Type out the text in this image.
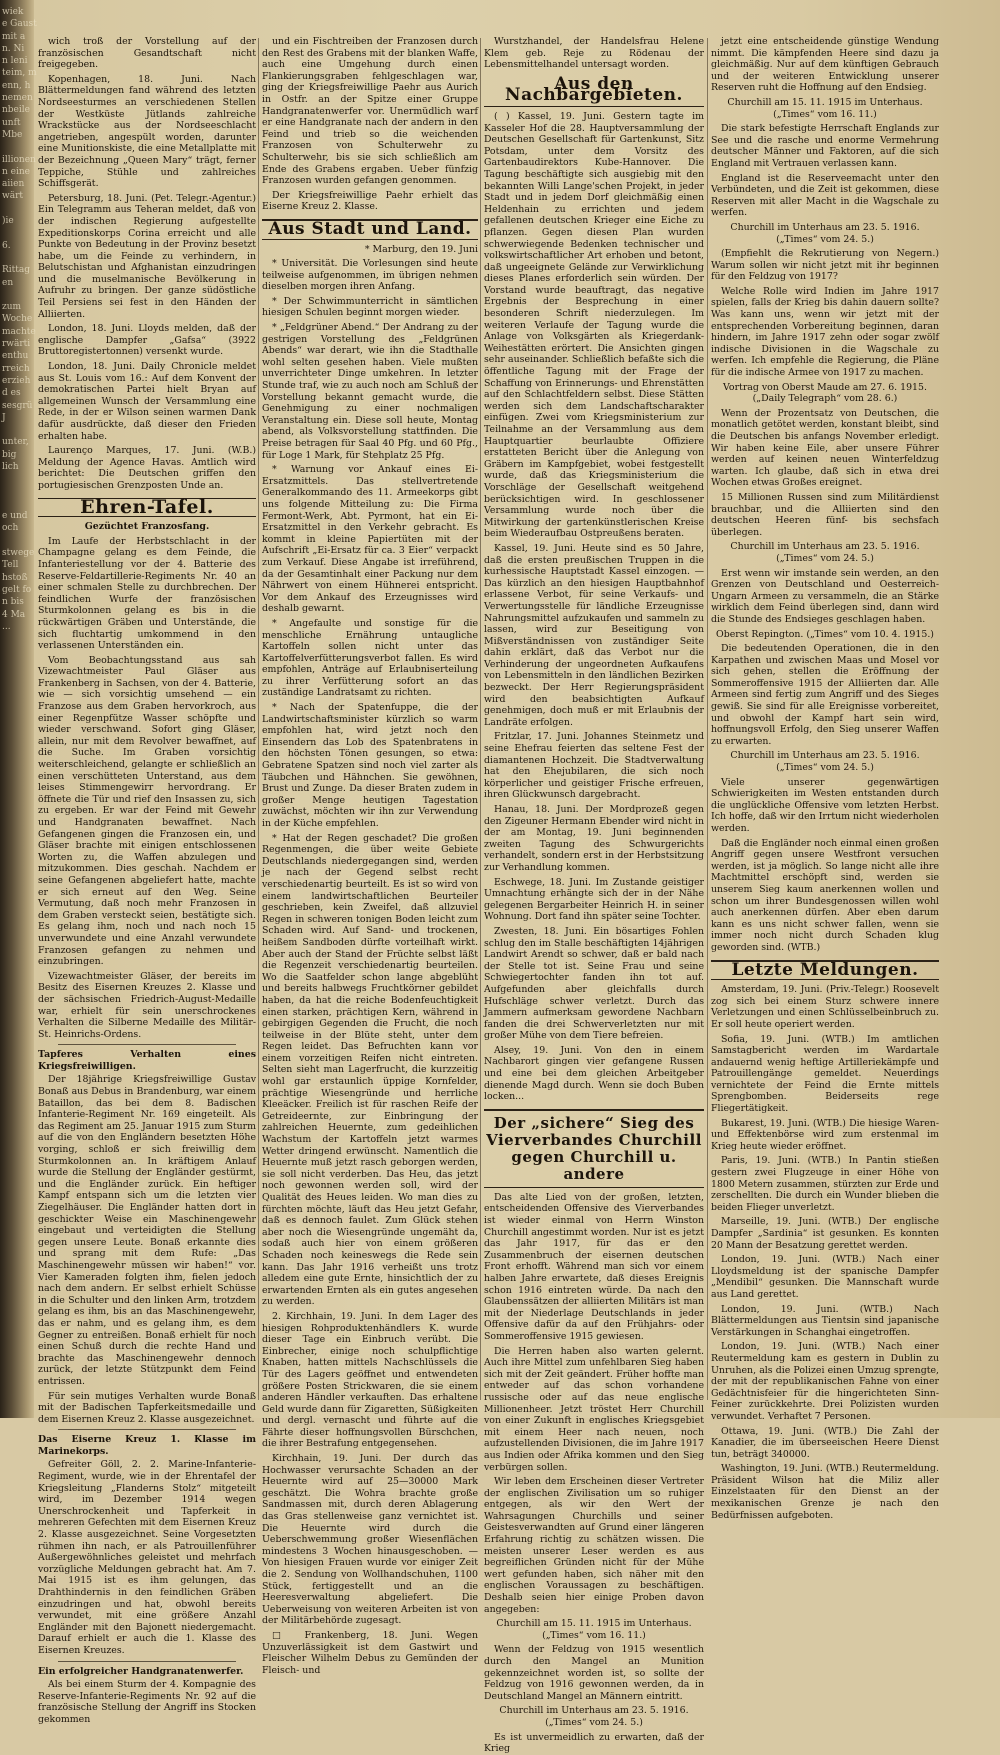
wiek
e Gaust
mit a
n. Ni
n leni
teim, m
enn, h
nemen
nbeile
unft
Mbe

illionen
n eine
aiien
wärt

)ie

6.

Rittag
en

zum
Woche
machte
rwärti
enthu
rreich
erzieh
d es
sesgrü
J

unter,
big
lich

e und
och

stwege
Tell
hstoß
gelt fo
n bis
4 Ma
...

wich troß der Vorstellung auf der französischen Gesandtschaft nicht freigegeben.

Kopenhagen, 18. Juni. Nach Blättermeldungen fand während des letzten Nordseesturmes an verschiedenen Stellen der Westküste Jütlands zahlreiche Wrackstücke aus der Nordseeschlacht angetrieben, angespült worden, darunter eine Munitionskiste, die eine Metallplatte mit der Bezeichnung „Queen Mary“ trägt, ferner Teppiche, Stühle und zahlreiches Schiffsgerät.

Petersburg, 18. Juni. (Pet. Telegr.-Agentur.) Ein Telegramm aus Teheran meldet, daß von der indischen Regierung aufgestellte Expeditionskorps Corina erreicht und alle Punkte von Bedeutung in der Provinz besetzt habe, um die Feinde zu verhindern, in Belutschistan und Afghanistan einzudringen und die muselmanische Bevölkerung in Aufruhr zu bringen. Der ganze südöstliche Teil Persiens sei fest in den Händen der Alliierten.

London, 18. Juni. Lloyds melden, daß der englische Dampfer „Gafsa“ (3922 Bruttoregistertonnen) versenkt wurde.

London, 18. Juni. Daily Chronicle meldet aus St. Louis vom 16.: Auf dem Konvent der demokratischen Partei hielt Bryan auf allgemeinen Wunsch der Versammlung eine Rede, in der er Wilson seinen warmen Dank dafür ausdrückte, daß dieser den Frieden erhalten habe.

Laurenço Marques, 17. Juni. (W.B.) Meldung der Agence Havas. Amtlich wird berichtet: Die Deutschen griffen den portugiesischen Grenzposten Unde an.

Ehren-Tafel.
Gezüchtet Franzosfang.

Im Laufe der Herbstschlacht in der Champagne gelang es dem Feinde, die Infanteriestellung vor der 4. Batterie des Reserve-Feldartillerie-Regiments Nr. 40 an einer schmalen Stelle zu durchbrechen. Der feindlichen Wurfe der französischen Sturmkolonnen gelang es bis in die rückwärtigen Gräben und Unterstände, die sich fluchtartig umkommend in den verlassenen Unterständen ein.

Vom Beobachtungsstand aus sah Vizewachtmeister Paul Gläser aus Frankenberg in Sachsen, von der 4. Batterie, wie — sich vorsichtig umsehend — ein Franzose aus dem Graben hervorkroch, aus einer Regenpfütze Wasser schöpfte und wieder verschwand. Sofort ging Gläser, allein, nur mit dem Revolver bewaffnet, auf die Suche. Im Graben vorsichtig weiterschleichend, gelangte er schließlich an einen verschütteten Unterstand, aus dem leises Stimmengewirr hervordrang. Er öffnete die Tür und rief den Insassen zu, sich zu ergeben. Er war der Feind mit Gewehr und Handgranaten bewaffnet. Nach Gefangenen gingen die Franzosen ein, und Gläser brachte mit einigen entschlossenen Worten zu, die Waffen abzulegen und mitzukommen. Dies geschah. Nachdem er seine Gefangenen abgeliefert hatte, machte er sich erneut auf den Weg. Seine Vermutung, daß noch mehr Franzosen in dem Graben versteckt seien, bestätigte sich. Es gelang ihm, noch und nach noch 15 unverwundete und eine Anzahl verwundete Franzosen gefangen zu nehmen und einzubringen.

Vizewachtmeister Gläser, der bereits im Besitz des Eisernen Kreuzes 2. Klasse und der sächsischen Friedrich-August-Medaille war, erhielt für sein unerschrockenes Verhalten die Silberne Medaille des Militär-St. Heinrichs-Ordens.

Tapferes Verhalten eines Kriegsfreiwilligen.

Der 18jährige Kriegsfreiwillige Gustav Bonaß aus Debus in Brandenburg, war einem Bataillon, das bei dem 8. Badischen Infanterie-Regiment Nr. 169 eingeteilt. Als das Regiment am 25. Januar 1915 zum Sturm auf die von den Engländern besetzten Höhe vorging, schloß er sich freiwillig dem Sturmkolonnen an. In kräftigem Anlauf wurde die Stellung der Engländer gestürmt, und die Engländer zurück. Ein heftiger Kampf entspann sich um die letzten vier Ziegelhäuser. Die Engländer hatten dort in geschickter Weise ein Maschinengewehr eingebaut und verteidigten die Stellung gegen unsere Leute. Bonaß erkannte dies und sprang mit dem Rufe: „Das Maschinengewehr müssen wir haben!“ vor. Vier Kameraden folgten ihm, fielen jedoch nach dem andern. Er selbst erhielt Schüsse in die Schulter und den linken Arm, trotzdem gelang es ihm, bis an das Maschinengewehr, das er nahm, und es gelang ihm, es dem Gegner zu entreißen. Bonaß erhielt für noch einen Schuß durch die rechte Hand und brachte das Maschinengewehr dennoch zurück, der letzte Stützpunkt dem Feind entrissen.

Für sein mutiges Verhalten wurde Bonaß mit der Badischen Tapferkeitsmedaille und dem Eisernen Kreuz 2. Klasse ausgezeichnet.

Das Eiserne Kreuz 1. Klasse im Marinekorps.

Gefreiter Göll, 2. 2. Marine-Infanterie-Regiment, wurde, wie in der Ehrentafel der Kriegsleitung „Flanderns Stolz“ mitgeteilt wird, im Dezember 1914 wegen Unerschrockenheit und Tapferkeit in mehreren Gefechten mit dem Eisernen Kreuz 2. Klasse ausgezeichnet. Seine Vorgesetzten rühmen ihn nach, er als Patrouillenführer Außergewöhnliches geleistet und mehrfach vorzügliche Meldungen gebracht hat. Am 7. Mai 1915 ist es ihm gelungen, das Drahthindernis in den feindlichen Gräben einzudringen und hat, obwohl bereits verwundet, mit eine größere Anzahl Engländer mit den Bajonett niedergemacht. Darauf erhielt er auch die 1. Klasse des Eisernen Kreuzes.

Ein erfolgreicher Handgranatenwerfer.

Als bei einem Sturm der 4. Kompagnie des Reserve-Infanterie-Regiments Nr. 92 auf die französische Stellung der Angriff ins Stocken gekommen

und ein Fischtreiben der Franzosen durch den Rest des Grabens mit der blanken Waffe, auch eine Umgehung durch einen Flankierungsgraben fehlgeschlagen war, ging der Kriegsfreiwillige Paehr aus Aurich in Ostfr. an der Spitze einer Gruppe Handgranatenwerfer vor. Unermüdlich warf er eine Handgranate nach der andern in den Feind und trieb so die weichenden Franzosen von Schulterwehr zu Schulterwehr, bis sie sich schließlich am Ende des Grabens ergaben. Ueber fünfzig Franzosen wurden gefangen genommen.

Der Kriegsfreiwillige Paehr erhielt das Eiserne Kreuz 2. Klasse.

Aus Stadt und Land.

* Marburg, den 19. Juni

* Universität. Die Vorlesungen sind heute teilweise aufgenommen, im übrigen nehmen dieselben morgen ihren Anfang.

* Der Schwimmunterricht in sämtlichen hiesigen Schulen beginnt morgen wieder.

* „Feldgrüner Abend.“ Der Andrang zu der gestrigen Vorstellung des „Feldgrünen Abends“ war derart, wie ihn die Stadthalle wohl selten gesehen haben. Viele mußten unverrichteter Dinge umkehren. In letzter Stunde traf, wie zu auch noch am Schluß der Vorstellung bekannt gemacht wurde, die Genehmigung zu einer nochmaligen Veranstaltung ein. Diese soll heute, Montag abend, als Volksvorstellung stattfinden. Die Preise betragen für Saal 40 Pfg. und 60 Pfg., für Loge 1 Mark, für Stehplatz 25 Pfg.

* Warnung vor Ankauf eines Ei-Ersatzmittels. Das stellvertretende Generalkommando des 11. Armeekorps gibt uns folgende Mitteilung zu: Die Firma Fermont-Werk, Abt. Pyrmont, hat ein Ei-Ersatzmittel in den Verkehr gebracht. Es kommt in kleine Papiertüten mit der Aufschrift „Ei-Ersatz für ca. 3 Eier“ verpackt zum Verkauf. Diese Angabe ist irreführend, da der Gesamtinhalt einer Packung nur dem Nährwert von einem Hühnerei entspricht. Vor dem Ankauf des Erzeugnisses wird deshalb gewarnt.

* Angefaulte und sonstige für die menschliche Ernährung untaugliche Kartoffeln sollen nicht unter das Kartoffelverfütterungsverbot fallen. Es wird empfohlen, Anträge auf Erlaubniserteilung zu ihrer Verfütterung sofort an das zuständige Landratsamt zu richten.

* Nach der Spatenfuppe, die der Landwirtschaftsminister kürzlich so warm empfohlen hat, wird jetzt noch den Einsendern das Lob des Spatenbratens in den höchsten Tönen gesungen, so etwa: Gebratene Spatzen sind noch viel zarter als Täubchen und Hähnchen. Sie gewöhnen, Brust und Zunge. Da dieser Braten zudem in großer Menge heutigen Tagestation zuwächst, möchten wir ihn zur Verwendung in der Küche empfehlen.

* Hat der Regen geschadet? Die großen Regenmengen, die über weite Gebiete Deutschlands niedergegangen sind, werden je nach der Gegend selbst recht verschiedenartig beurteilt. Es ist so wird von einem landwirtschaftlichen Beurteiler geschrieben, kein Zweifel, daß allzuviel Regen in schweren tonigen Boden leicht zum Schaden wird. Auf Sand- und trockenen, heißem Sandboden dürfte vorteilhaft wirkt. Aber auch der Stand der Früchte selbst läßt die Regenzeit verschiedenartig beurteilen. Wo die Saatfelder schon lange abgeblüht und bereits halbwegs Fruchtkörner gebildet haben, da hat die reiche Bodenfeuchtigkeit einen starken, prächtigen Kern, während in gebirgigen Gegenden die Frucht, die noch teilweise in der Blüte steht, unter dem Regen leidet. Das Befruchten kann vor einem vorzeitigen Reifen nicht eintreten. Selten sieht man Lagerfrucht, die kurzzeitig wohl gar erstaunlich üppige Kornfelder, prächtige Wiesengründe und herrliche Kleeäcker. Freilich ist für raschen Reife der Getreideernte, zur Einbringung der zahlreichen Heuernte, zum gedeihlichen Wachstum der Kartoffeln jetzt warmes Wetter dringend erwünscht. Namentlich die Heuernte muß jetzt rasch geborgen werden, sie soll nicht verderben. Das Heu, das jetzt noch gewonnen werden soll, wird der Qualität des Heues leiden. Wo man dies zu fürchten möchte, läuft das Heu jetzt Gefahr, daß es dennoch faulet. Zum Glück stehen aber noch die Wiesengründe ungemäht da, sodaß auch hier von einem größeren Schaden noch keineswegs die Rede sein kann. Das Jahr 1916 verheißt uns trotz alledem eine gute Ernte, hinsichtlich der zu erwartenden Ernten als ein gutes angesehen zu werden.

2. Kirchhain, 19. Juni. In dem Lager des hiesigen Rohproduktenhändlers K. wurde dieser Tage ein Einbruch verübt. Die Einbrecher, einige noch schulpflichtige Knaben, hatten mittels Nachschlüssels die Tür des Lagers geöffnet und entwendeten größere Posten Strickwaren, die sie einem anderen Händler verkauften. Das erhaltene Geld wurde dann für Zigaretten, Süßigkeiten und dergl. vernascht und führte auf die Fährte dieser hoffnungsvollen Bürschchen, die ihrer Bestrafung entgegensehen.

Kirchhain, 19. Juni. Der durch das Hochwasser verursachte Schaden an der Heuernte wird auf 25—30000 Mark geschätzt. Die Wohra brachte große Sandmassen mit, durch deren Ablagerung das Gras stellenweise ganz vernichtet ist. Die Heuernte wird durch die Ueberschwemmung großer Wiesenflächen mindestens 3 Wochen hinausgeschoben. — Von hiesigen Frauen wurde vor einiger Zeit die 2. Sendung von Wollhandschuhen, 1100 Stück, fertiggestellt und an die Heeresverwaltung abgeliefert. Die Ueberweisung von weiteren Arbeiten ist von der Militärbehörde zugesagt.

□ Frankenberg, 18. Juni. Wegen Unzuverlässigkeit ist dem Gastwirt und Fleischer Wilhelm Debus zu Gemünden der Fleisch- und

Wurstzhandel, der Handelsfrau Helene Klem geb. Reje zu Rödenau der Lebensmittelhandel untersagt worden.

Aus den Nachbargebieten.

( ) Kassel, 19. Juni. Gestern tagte im Kasseler Hof die 28. Hauptversammlung der Deutschen Gesellschaft für Gartenkunst, Sitz Potsdam, unter dem Vorsitz des Gartenbaudirektors Kube-Hannover. Die Tagung beschäftigte sich ausgiebig mit den bekannten Willi Lange'schen Projekt, in jeder Stadt und in jedem Dorf gleichmäßig einen Heldenhain zu errichten und jedem gefallenen deutschen Krieger eine Eiche zu pflanzen. Gegen diesen Plan wurden schwerwiegende Bedenken technischer und volkswirtschaftlicher Art erhoben und betont, daß ungeeignete Gelände zur Verwirklichung dieses Planes erforderlich sein würden. Der Vorstand wurde beauftragt, das negative Ergebnis der Besprechung in einer besonderen Schrift niederzulegen. Im weiteren Verlaufe der Tagung wurde die Anlage von Volksgärten als Kriegerdank-Weihestätten erörtert. Die Ansichten gingen sehr auseinander. Schließlich befaßte sich die öffentliche Tagung mit der Frage der Schaffung von Erinnerungs- und Ehrenstätten auf den Schlachtfeldern selbst. Diese Stätten werden sich dem Landschaftscharakter einfügen. Zwei vom Kriegsministerium zur Teilnahme an der Versammlung aus dem Hauptquartier beurlaubte Offiziere erstatteten Bericht über die Anlegung von Gräbern im Kampfgebiet, wobei festgestellt wurde, daß das Kriegsministerium die Vorschläge der Gesellschaft weitgehend berücksichtigen wird. In geschlossener Versammlung wurde noch über die Mitwirkung der gartenkünstlerischen Kreise beim Wiederaufbau Ostpreußens beraten.

Kassel, 19. Juni. Heute sind es 50 Jahre, daß die ersten preußischen Truppen in die kurhessische Hauptstadt Kassel einzogen. — Das kürzlich an den hiesigen Hauptbahnhof erlassene Verbot, für seine Verkaufs- und Verwertungsstelle für ländliche Erzeugnisse Nahrungsmittel aufzukaufen und sammeln zu lassen, wird zur Beseitigung von Mißverständnissen von zuständiger Seite dahin erklärt, daß das Verbot nur die Verhinderung der ungeordneten Aufkaufens von Lebensmitteln in den ländlichen Bezirken bezweckt. Der Herr Regierungspräsident wird den beabsichtigten Aufkauf genehmigen, doch muß er mit Erlaubnis der Landräte erfolgen.

Fritzlar, 17. Juni. Johannes Steinmetz und seine Ehefrau feierten das seltene Fest der diamantenen Hochzeit. Die Stadtverwaltung hat den Ehejubilaren, die sich noch körperlicher und geistiger Frische erfreuen, ihren Glückwunsch dargebracht.

Hanau, 18. Juni. Der Mordprozeß gegen den Zigeuner Hermann Ebender wird nicht in der am Montag, 19. Juni beginnenden zweiten Tagung des Schwurgerichts verhandelt, sondern erst in der Herbstsitzung zur Verhandlung kommen.

Eschwege, 18. Juni. Im Zustande geistiger Umnachtung erhängte sich der in der Nähe gelegenen Bergarbeiter Heinrich H. in seiner Wohnung. Dort fand ihn später seine Tochter.

Zwesten, 18. Juni. Ein bösartiges Fohlen schlug den im Stalle beschäftigten 14jährigen Landwirt Arendt so schwer, daß er bald nach der Stelle tot ist. Seine Frau und seine Schwiegertochter fanden ihn tot auf. Aufgefunden aber gleichfalls durch Hufschläge schwer verletzt. Durch das Jammern aufmerksam gewordene Nachbarn fanden die drei Schwerverletzten nur mit großer Mühe von dem Tiere befreien.

Alsey, 19. Juni. Von den in einem Nachbarort gingen vier gefangene Russen und eine bei dem gleichen Arbeitgeber dienende Magd durch. Wenn sie doch Buben locken...

Der „sichere“ Sieg des Vierverbandes Churchill gegen Churchill u. andere

Das alte Lied von der großen, letzten, entscheidenden Offensive des Vierverbandes ist wieder einmal von Herrn Winston Churchill angestimmt worden. Nur ist es jetzt das Jahr 1917, für das er den Zusammenbruch der eisernen deutschen Front erhofft. Während man sich vor einem halben Jahre erwartete, daß dieses Ereignis schon 1916 eintreten würde. Da nach den Glaubenssätzen der alliierten Militärs ist man mit der Niederlage Deutschlands in jeder Offensive dafür da auf den Frühjahrs- oder Sommeroffensive 1915 gewiesen.

Die Herren haben also warten gelernt. Auch ihre Mittel zum unfehlbaren Sieg haben sich mit der Zeit geändert. Früher hoffte man entweder auf das schon vorhandene russische oder auf das neue englische Millionenheer. Jetzt tröstet Herr Churchill von einer Zukunft in englisches Kriegsgebiet mit einem Heer nach neuen, noch aufzustellenden Divisionen, die im Jahre 1917 aus Indien oder Afrika kommen und den Sieg verbürgen sollen.

Wir leben dem Erscheinen dieser Vertreter der englischen Zivilisation um so ruhiger entgegen, als wir den Wert der Wahrsagungen Churchills und seiner Geistesverwandten auf Grund einer längeren Erfahrung richtig zu schätzen wissen. Die meisten unserer Leser werden es aus begreiflichen Gründen nicht für der Mühe wert gefunden haben, sich näher mit den englischen Voraussagen zu beschäftigen. Deshalb seien hier einige Proben davon angegeben:

Churchill am 15. 11. 1915 im Unterhaus. („Times“ vom 16. 11.)

Wenn der Feldzug von 1915 wesentlich durch den Mangel an Munition gekennzeichnet worden ist, so sollte der Feldzug von 1916 gewonnen werden, da in Deutschland Mangel an Männern eintritt.

Churchill im Unterhaus am 23. 5. 1916. („Times“ vom 24. 5.)

Es ist unvermeidlich zu erwarten, daß der Krieg

jetzt eine entscheidende günstige Wendung nimmt. Die kämpfenden Heere sind dazu ja gleichmäßig. Nur auf dem künftigen Gebrauch und der weiteren Entwicklung unserer Reserven ruht die Hoffnung auf den Endsieg.

Churchill am 15. 11. 1915 im Unterhaus. („Times“ vom 16. 11.)

Die stark befestigte Herrschaft Englands zur See und die rasche und enorme Vermehrung deutscher Männer und Faktoren, auf die sich England mit Vertrauen verlassen kann.

England ist die Reserveemacht unter den Verbündeten, und die Zeit ist gekommen, diese Reserven mit aller Macht in die Wagschale zu werfen.

Churchill im Unterhaus am 23. 5. 1916. („Times“ vom 24. 5.)

(Empfiehlt die Rekrutierung von Negern.) Warum sollen wir nicht jetzt mit ihr beginnen für den Feldzug von 1917?

Welche Rolle wird Indien im Jahre 1917 spielen, falls der Krieg bis dahin dauern sollte? Was kann uns, wenn wir jetzt mit der entsprechenden Vorbereitung beginnen, daran hindern, im Jahre 1917 zehn oder sogar zwölf indische Divisionen in die Wagschale zu werfen. Ich empfehle die Regierung, die Pläne für die indische Armee von 1917 zu machen.

Vortrag von Oberst Maude am 27. 6. 1915. („Daily Telegraph“ vom 28. 6.)

Wenn der Prozentsatz von Deutschen, die monatlich getötet werden, konstant bleibt, sind die Deutschen bis anfangs November erledigt. Wir haben keine Eile, aber unsere Führer werden auf keinen neuen Winterfeldzug warten. Ich glaube, daß sich in etwa drei Wochen etwas Großes ereignet.

15 Millionen Russen sind zum Militärdienst brauchbar, und die Alliierten sind den deutschen Heeren fünf- bis sechsfach überlegen.

Churchill im Unterhaus am 23. 5. 1916. („Times“ vom 24. 5.)

Erst wenn wir imstande sein werden, an den Grenzen von Deutschland und Oesterreich-Ungarn Armeen zu versammeln, die an Stärke wirklich dem Feind überlegen sind, dann wird die Stunde des Endsieges geschlagen haben.

Oberst Repington. („Times“ vom 10. 4. 1915.)

Die bedeutenden Operationen, die in den Karpathen und zwischen Maas und Mosel vor sich gehen, stellen die Eröffnung der Sommeroffensive 1915 der Alliierten dar. Alle Armeen sind fertig zum Angriff und des Sieges gewiß. Sie sind für alle Ereignisse vorbereitet, und obwohl der Kampf hart sein wird, hoffnungsvoll Erfolg, den Sieg unserer Waffen zu erwarten.

Churchill im Unterhaus am 23. 5. 1916. („Times“ vom 24. 5.)

Viele unserer gegenwärtigen Schwierigkeiten im Westen entstanden durch die unglückliche Offensive vom letzten Herbst. Ich hoffe, daß wir den Irrtum nicht wiederholen werden.

Daß die Engländer noch einmal einen großen Angriff gegen unsere Westfront versuchen werden, ist ja möglich. So lange nicht alle ihre Machtmittel erschöpft sind, werden sie unserem Sieg kaum anerkennen wollen und schon um ihrer Bundesgenossen willen wohl auch anerkennen dürfen. Aber eben darum kann es uns nicht schwer fallen, wenn sie immer noch nicht durch Schaden klug geworden sind. (WTB.)

Letzte Meldungen.

Amsterdam, 19. Juni. (Priv.-Telegr.) Roosevelt zog sich bei einem Sturz schwere innere Verletzungen und einen Schlüsselbeinbruch zu. Er soll heute operiert werden.

Sofia, 19. Juni. (WTB.) Im amtlichen Samstagbericht werden im Wardartale andauernd wenig heftige Artilleriekämpfe und Patrouillengänge gemeldet. Neuerdings vernichtete der Feind die Ernte mittels Sprengbomben. Beiderseits rege Fliegertätigkeit.

Bukarest, 19. Juni. (WTB.) Die hiesige Waren- und Effektenbörse wird zum erstenmal im Krieg heute wieder eröffnet.

Paris, 19. Juni. (WTB.) In Pantin stießen gestern zwei Flugzeuge in einer Höhe von 1800 Metern zusammen, stürzten zur Erde und zerschellten. Die durch ein Wunder blieben die beiden Flieger unverletzt.

Marseille, 19. Juni. (WTB.) Der englische Dampfer „Sardinia“ ist gesunken. Es konnten 20 Mann der Besatzung gerettet werden.

London, 19. Juni. (WTB.) Nach einer Lloydsmeldung ist der spanische Dampfer „Mendibil“ gesunken. Die Mannschaft wurde aus Land gerettet.

London, 19. Juni. (WTB.) Nach Blättermeldungen aus Tientsin sind japanische Verstärkungen in Schanghai eingetroffen.

London, 19. Juni. (WTB.) Nach einer Reutermeldung kam es gestern in Dublin zu Unruhen, als die Polizei einen Umzug sprengte, der mit der republikanischen Fahne von einer Gedächtnisfeier für die hingerichteten Sinn-Feiner zurückkehrte. Drei Polizisten wurden verwundet. Verhaftet 7 Personen.

Ottawa, 19. Juni. (WTB.) Die Zahl der Kanadier, die im überseeischen Heere Dienst tun, beträgt 340000.

Washington, 19. Juni. (WTB.) Reutermeldung. Präsident Wilson hat die Miliz aller Einzelstaaten für den Dienst an der mexikanischen Grenze je nach den Bedürfnissen aufgeboten.
